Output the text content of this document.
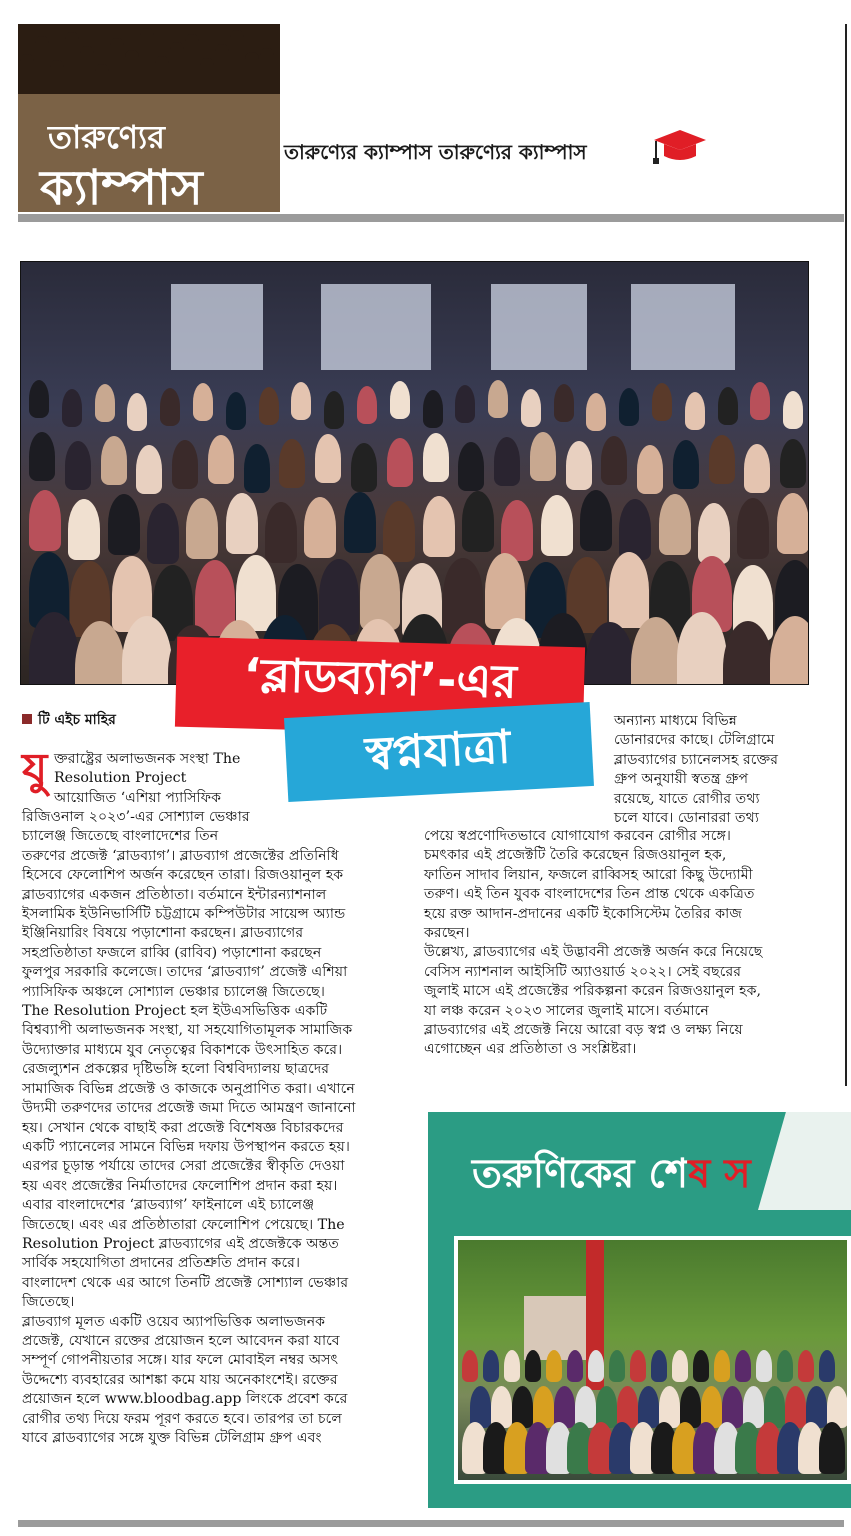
তারুণ্যের
ক্যাম্পাস
তারুণ্যের ক্যাম্পাস তারুণ্যের ক্যাম্পাস
‘ব্লাডব্যাগ’-এর
স্বপ্নযাত্রা
টি এইচ মাহির
যু ক্তরাষ্ট্রের অলাভজনক সংস্থা The

Resolution Project

আয়োজিত ‘এশিয়া প্যাসিফিক

রিজিওনাল ২০২৩’-এর সোশ্যাল ভেঞ্চার

চ্যালেঞ্জ জিতেছে বাংলাদেশের তিন

তরুণের প্রজেক্ট ‘ব্লাডব্যাগ’। ব্লাডব্যাগ প্রজেক্টের প্রতিনিধি

হিসেবে ফেলোশিপ অর্জন করেছেন তারা। রিজওয়ানুল হক

ব্লাডব্যাগের একজন প্রতিষ্ঠাতা। বর্তমানে ইন্টারন্যাশনাল

ইসলামিক ইউনিভার্সিটি চট্টগ্রামে কম্পিউটার সায়েন্স অ্যান্ড

ইঞ্জিনিয়ারিং বিষয়ে পড়াশোনা করছেন। ব্লাডব্যাগের

সহপ্রতিষ্ঠাতা ফজলে রাব্বি (রাবিব) পড়াশোনা করছেন

ফুলপুর সরকারি কলেজে। তাদের ‘ব্লাডব্যাগ’ প্রজেক্ট এশিয়া

প্যাসিফিক অঞ্চলে সোশ্যাল ভেঞ্চার চ্যালেঞ্জ জিতেছে।

The Resolution Project হল ইউএসভিত্তিক একটি

বিশ্বব্যাপী অলাভজনক সংস্থা, যা সহযোগিতামূলক সামাজিক

উদ্যোক্তার মাধ্যমে যুব নেতৃত্বের বিকাশকে উৎসাহিত করে।

রেজল্যুশন প্রকল্পের দৃষ্টিভঙ্গি হলো বিশ্ববিদ্যালয় ছাত্রদের

সামাজিক বিভিন্ন প্রজেক্ট ও কাজকে অনুপ্রাণিত করা। এখানে

উদ্যমী তরুণদের তাদের প্রজেক্ট জমা দিতে আমন্ত্রণ জানানো

হয়। সেখান থেকে বাছাই করা প্রজেক্ট বিশেষজ্ঞ বিচারকদের

একটি প্যানেলের সামনে বিভিন্ন দফায় উপস্থাপন করতে হয়।

এরপর চূড়ান্ত পর্যায়ে তাদের সেরা প্রজেক্টের স্বীকৃতি দেওয়া

হয় এবং প্রজেক্টের নির্মাতাদের ফেলোশিপ প্রদান করা হয়।

এবার বাংলাদেশের ‘ব্লাডব্যাগ’ ফাইনালে এই চ্যালেঞ্জ

জিতেছে। এবং এর প্রতিষ্ঠাতারা ফেলোশিপ পেয়েছে। The

Resolution Project ব্লাডব্যাগের এই প্রজেক্টকে অন্তত

সার্বিক সহযোগিতা প্রদানের প্রতিশ্রুতি প্রদান করে।

বাংলাদেশ থেকে এর আগে তিনটি প্রজেক্ট সোশ্যাল ভেঞ্চার

জিতেছে।

ব্লাডব্যাগ মূলত একটি ওয়েব অ্যাপভিত্তিক অলাভজনক

প্রজেক্ট, যেখানে রক্তের প্রয়োজন হলে আবেদন করা যাবে

সম্পূর্ণ গোপনীয়তার সঙ্গে। যার ফলে মোবাইল নম্বর অসৎ

উদ্দেশ্যে ব্যবহারের আশঙ্কা কমে যায় অনেকাংশেই। রক্তের

প্রয়োজন হলে www.bloodbag.app লিংকে প্রবেশ করে

রোগীর তথ্য দিয়ে ফরম পূরণ করতে হবে। তারপর তা চলে

যাবে ব্লাডব্যাগের সঙ্গে যুক্ত বিভিন্ন টেলিগ্রাম গ্রুপ এবং

অন্যান্য মাধ্যমে বিভিন্ন

ডোনারদের কাছে। টেলিগ্রামে

ব্লাডব্যাগের চ্যানেলসহ রক্তের

গ্রুপ অনুযায়ী স্বতন্ত্র গ্রুপ

রয়েছে, যাতে রোগীর তথ্য

চলে যাবে। ডোনাররা তথ্য

পেয়ে স্বপ্রণোদিতভাবে যোগাযোগ করবেন রোগীর সঙ্গে।

চমৎকার এই প্রজেক্টটি তৈরি করেছেন রিজওয়ানুল হক,

ফাতিন সাদাব লিয়ান, ফজলে রাব্বিসহ আরো কিছু উদ্যোমী

তরুণ। এই তিন যুবক বাংলাদেশের তিন প্রান্ত থেকে একত্রিত

হয়ে রক্ত আদান-প্রদানের একটি ইকোসিস্টেম তৈরির কাজ

করছেন।

উল্লেখ্য, ব্লাডব্যাগের এই উদ্ভাবনী প্রজেক্ট অর্জন করে নিয়েছে

বেসিস ন্যাশনাল আইসিটি অ্যাওয়ার্ড ২০২২। সেই বছরের

জুলাই মাসে এই প্রজেক্টের পরিকল্পনা করেন রিজওয়ানুল হক,

যা লঞ্চ করেন ২০২৩ সালের জুলাই মাসে। বর্তমানে

ব্লাডব্যাগের এই প্রজেক্ট নিয়ে আরো বড় স্বপ্ন ও লক্ষ্য নিয়ে

এগোচ্ছেন এর প্রতিষ্ঠাতা ও সংশ্লিষ্টরা।

তরুণিকের শেষ স
